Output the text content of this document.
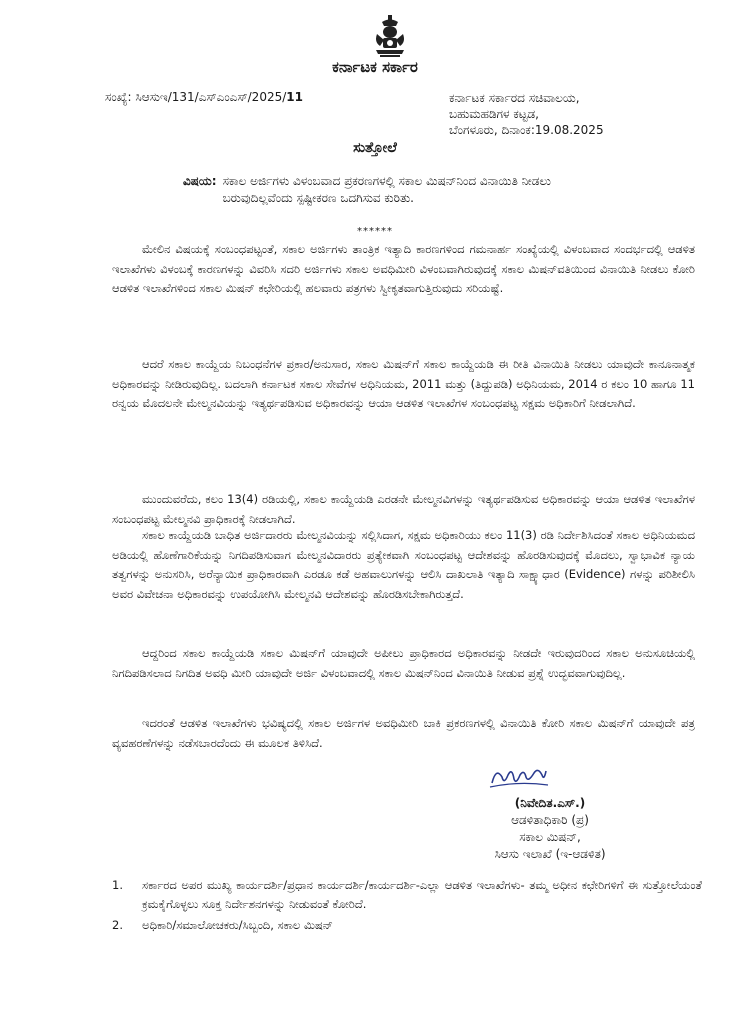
ಕರ್ನಾಟಕ ಸರ್ಕಾರ
ಸಂಖ್ಯೆ: ಸಿಆಸುಇ/131/ಎಸ್‌ಎಂಎಸ್/2025/11	ಕರ್ನಾಟಕ ಸರ್ಕಾರದ ಸಚಿವಾಲಯ,
ಬಹುಮಹಡಿಗಳ ಕಟ್ಟಡ,
ಬೆಂಗಳೂರು, ದಿನಾಂಕ:19.08.2025
ಸುತ್ತೋಲೆ
ವಿಷಯ: ಸಕಾಲ ಅರ್ಜಿಗಳು ವಿಳಂಬವಾದ ಪ್ರಕರಣಗಳಲ್ಲಿ ಸಕಾಲ ಮಿಷನ್‌ನಿಂದ ವಿನಾಯಿತಿ ನೀಡಲು ಬರುವುದಿಲ್ಲವೆಂದು ಸ್ಪಷ್ಟೀಕರಣ ಒದಗಿಸುವ ಕುರಿತು.
******

ಮೇಲಿನ ವಿಷಯಕ್ಕೆ ಸಂಬಂಧಪಟ್ಟಂತೆ, ಸಕಾಲ ಅರ್ಜಿಗಳು ತಾಂತ್ರಿಕ ಇತ್ಯಾದಿ ಕಾರಣಗಳಿಂದ ಗಮನಾರ್ಹ ಸಂಖ್ಯೆಯಲ್ಲಿ ವಿಳಂಬವಾದ ಸಂದರ್ಭದಲ್ಲಿ ಆಡಳಿತ ಇಲಾಖೆಗಳು ವಿಳಂಬಕ್ಕೆ ಕಾರಣಗಳನ್ನು ವಿವರಿಸಿ ಸದರಿ ಅರ್ಜಿಗಳು ಸಕಾಲ ಅವಧಿಮೀರಿ ವಿಳಂಬವಾಗಿರುವುದಕ್ಕೆ ಸಕಾಲ ಮಿಷನ್‌ವತಿಯಿಂದ ವಿನಾಯಿತಿ ನೀಡಲು ಕೋರಿ ಆಡಳಿತ ಇಲಾಖೆಗಳಿಂದ ಸಕಾಲ ಮಿಷನ್ ಕಛೇರಿಯಲ್ಲಿ ಹಲವಾರು ಪತ್ರಗಳು ಸ್ವೀಕೃತವಾಗುತ್ತಿರುವುದು ಸರಿಯಷ್ಟೆ.

ಆದರೆ ಸಕಾಲ ಕಾಯ್ದೆಯ ನಿಬಂಧನೆಗಳ ಪ್ರಕಾರ/ಅನುಸಾರ, ಸಕಾಲ ಮಿಷನ್‌ಗೆ ಸಕಾಲ ಕಾಯ್ದೆಯಡಿ ಈ ರೀತಿ ವಿನಾಯಿತಿ ನೀಡಲು ಯಾವುದೇ ಕಾನೂನಾತ್ಮಕ ಅಧಿಕಾರವನ್ನು ನೀಡಿರುವುದಿಲ್ಲ. ಬದಲಾಗಿ ಕರ್ನಾಟಕ ಸಕಾಲ ಸೇವೆಗಳ ಅಧಿನಿಯಮ, 2011 ಮತ್ತು (ತಿದ್ದುಪಡಿ) ಅಧಿನಿಯಮ, 2014 ರ ಕಲಂ 10 ಹಾಗೂ 11 ರನ್ವಯ ಮೊದಲನೇ ಮೇಲ್ಮನವಿಯನ್ನು ಇತ್ಯರ್ಥಪಡಿಸುವ ಅಧಿಕಾರವನ್ನು ಆಯಾ ಆಡಳಿತ ಇಲಾಖೆಗಳ ಸಂಬಂಧಪಟ್ಟ ಸಕ್ಷಮ ಅಧಿಕಾರಿಗೆ ನೀಡಲಾಗಿದೆ.

ಮುಂದುವರೆದು, ಕಲಂ 13(4) ರಡಿಯಲ್ಲಿ, ಸಕಾಲ ಕಾಯ್ದೆಯಡಿ ಎರಡನೇ ಮೇಲ್ಮನವಿಗಳನ್ನು ಇತ್ಯರ್ಥಪಡಿಸುವ ಅಧಿಕಾರವನ್ನು ಆಯಾ ಆಡಳಿತ ಇಲಾಖೆಗಳ ಸಂಬಂಧಪಟ್ಟ ಮೇಲ್ಮನವಿ ಪ್ರಾಧಿಕಾರಕ್ಕೆ ನೀಡಲಾಗಿದೆ.

ಸಕಾಲ ಕಾಯ್ದೆಯಡಿ ಬಾಧಿತ ಅರ್ಜಿದಾರರು ಮೇಲ್ಮನವಿಯನ್ನು ಸಲ್ಲಿಸಿದಾಗ, ಸಕ್ಷಮ ಅಧಿಕಾರಿಯು ಕಲಂ 11(3) ರಡಿ ನಿರ್ದೇಶಿಸಿದಂತೆ ಸಕಾಲ ಅಧಿನಿಯಮದ ಅಡಿಯಲ್ಲಿ ಹೊಣೆಗಾರಿಕೆಯನ್ನು ನಿಗದಿಪಡಿಸುವಾಗ ಮೇಲ್ಮನವಿದಾರರು ಪ್ರತ್ಯೇಕವಾಗಿ ಸಂಬಂಧಪಟ್ಟ ಆದೇಶವನ್ನು ಹೊರಡಿಸುವುದಕ್ಕೆ ಮೊದಲು, ಸ್ವಾಭಾವಿಕ ನ್ಯಾಯ ತತ್ವಗಳನ್ನು ಅನುಸರಿಸಿ, ಅರೆನ್ಯಾಯಿಕ ಪ್ರಾಧಿಕಾರವಾಗಿ ಎರಡೂ ಕಡೆ ಅಹವಾಲುಗಳನ್ನು ಆಲಿಸಿ ದಾಖಲಾತಿ ಇತ್ಯಾದಿ ಸಾಕ್ಷ್ಯಾಧಾರ (Evidence) ಗಳನ್ನು ಪರಿಶೀಲಿಸಿ ಅವರ ವಿವೇಚನಾ ಅಧಿಕಾರವನ್ನು ಉಪಯೋಗಿಸಿ ಮೇಲ್ಮನವಿ ಆದೇಶವನ್ನು ಹೊರಡಿಸಬೇಕಾಗಿರುತ್ತದೆ.

ಆದ್ದರಿಂದ ಸಕಾಲ ಕಾಯ್ದೆಯಡಿ ಸಕಾಲ ಮಿಷನ್‌ಗೆ ಯಾವುದೇ ಅಪೀಲು ಪ್ರಾಧಿಕಾರದ ಅಧಿಕಾರವನ್ನು ನೀಡದೇ ಇರುವುದರಿಂದ ಸಕಾಲ ಅನುಸೂಚಿಯಲ್ಲಿ ನಿಗದಿಪಡಿಸಲಾದ ನಿಗದಿತ ಅವಧಿ ಮೀರಿ ಯಾವುದೇ ಅರ್ಜಿ ವಿಳಂಬವಾದಲ್ಲಿ ಸಕಾಲ ಮಿಷನ್‌ನಿಂದ ವಿನಾಯಿತಿ ನೀಡುವ ಪ್ರಶ್ನೆ ಉದ್ಭವವಾಗುವುದಿಲ್ಲ.

ಇದರಂತೆ ಆಡಳಿತ ಇಲಾಖೆಗಳು ಭವಿಷ್ಯದಲ್ಲಿ ಸಕಾಲ ಅರ್ಜಿಗಳ ಅವಧಿಮೀರಿ ಬಾಕಿ ಪ್ರಕರಣಗಳಲ್ಲಿ ವಿನಾಯಿತಿ ಕೋರಿ ಸಕಾಲ ಮಿಷನ್‌ಗೆ ಯಾವುದೇ ಪತ್ರ ವ್ಯವಹರಣೆಗಳನ್ನು ನಡೆಸಬಾರದೆಂದು ಈ ಮೂಲಕ ತಿಳಿಸಿದೆ.

(ನಿವೇದಿತ.ಎಸ್.)
ಆಡಳಿತಾಧಿಕಾರಿ (ಪ್ರ)
ಸಕಾಲ ಮಿಷನ್,
ಸಿಆಸು ಇಲಾಖೆ (ಇ-ಆಡಳಿತ)
1.	ಸರ್ಕಾರದ ಅಪರ ಮುಖ್ಯ ಕಾರ್ಯದರ್ಶಿ/ಪ್ರಧಾನ ಕಾರ್ಯದರ್ಶಿ/ಕಾರ್ಯದರ್ಶಿ-ಎಲ್ಲಾ ಆಡಳಿತ ಇಲಾಖೆಗಳು- ತಮ್ಮ ಅಧೀನ ಕಛೇರಿಗಳಿಗೆ ಈ ಸುತ್ತೋಲೆಯಂತೆ ಕ್ರಮಕೈಗೊಳ್ಳಲು ಸೂಕ್ತ ನಿರ್ದೇಶನಗಳನ್ನು ನೀಡುವಂತೆ ಕೋರಿದೆ.
2.	ಅಧಿಕಾರಿ/ಸಮಾಲೋಚಕರು/ಸಿಬ್ಬಂದಿ, ಸಕಾಲ ಮಿಷನ್
